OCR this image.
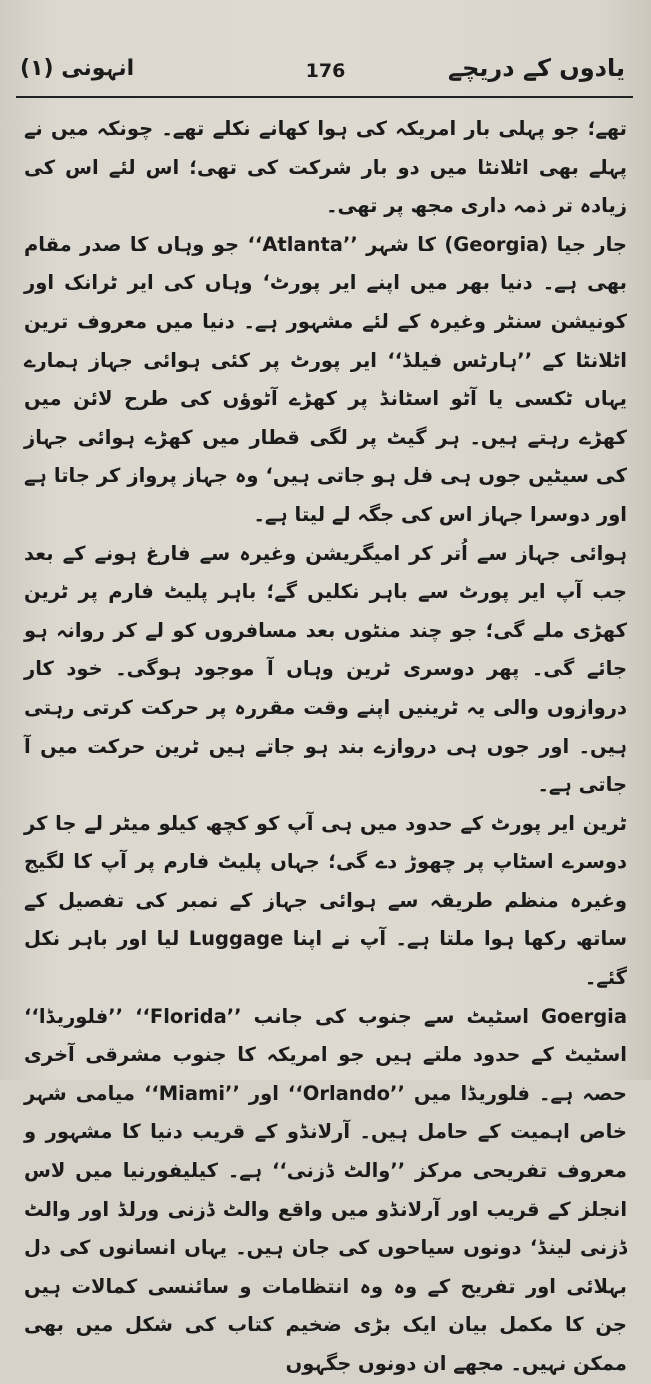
انہونی (۱)	176	یادوں کے دریچے

تھے؛ جو پہلی بار امریکہ کی ہوا کھانے نکلے تھے۔ چونکہ میں نے پہلے بھی اٹلانٹا میں دو بار شرکت کی تھی؛ اس لئے اس کی زیادہ تر ذمہ داری مجھ پر تھی۔

جار جیا (Georgia) کا شہر ’’Atlanta‘‘ جو وہاں کا صدر مقام بھی ہے۔ دنیا بھر میں اپنے ایر پورٹ‘ وہاں کی ایر ٹرانک اور کونیشن سنٹر وغیرہ کے لئے مشہور ہے۔ دنیا میں معروف ترین اٹلانٹا کے ’’ہارٹس فیلڈ‘‘ ایر پورٹ پر کئی ہوائی جہاز ہمارے یہاں ٹکسی یا آٹو اسٹانڈ پر کھڑے آٹوؤں کی طرح لائن میں کھڑے رہتے ہیں۔ ہر گیٹ پر لگی قطار میں کھڑے ہوائی جہاز کی سیٹیں جوں ہی فل ہو جاتی ہیں‘ وہ جہاز پرواز کر جاتا ہے اور دوسرا جہاز اس کی جگہ لے لیتا ہے۔

ہوائی جہاز سے اُتر کر امیگریشن وغیرہ سے فارغ ہونے کے بعد جب آپ ایر پورٹ سے باہر نکلیں گے؛ باہر پلیٹ فارم پر ٹرین کھڑی ملے گی؛ جو چند منٹوں بعد مسافروں کو لے کر روانہ ہو جائے گی۔ پھر دوسری ٹرین وہاں آ موجود ہوگی۔ خود کار دروازوں والی یہ ٹرینیں اپنے وقت مقررہ پر حرکت کرتی رہتی ہیں۔ اور جوں ہی دروازے بند ہو جاتے ہیں ٹرین حرکت میں آ جاتی ہے۔

ٹرین ایر پورٹ کے حدود میں ہی آپ کو کچھ کیلو میٹر لے جا کر دوسرے اسٹاپ پر چھوڑ دے گی؛ جہاں پلیٹ فارم پر آپ کا لگیج وغیرہ منظم طریقہ سے ہوائی جہاز کے نمبر کی تفصیل کے ساتھ رکھا ہوا ملتا ہے۔ آپ نے اپنا Luggage لیا اور باہر نکل گئے۔

Goergia اسٹیٹ سے جنوب کی جانب ’’Florida‘‘ ’’فلوریڈا‘‘ اسٹیٹ کے حدود ملتے ہیں جو امریکہ کا جنوب مشرقی آخری حصہ ہے۔ فلوریڈا میں ’’Orlando‘‘ اور ’’Miami‘‘ میامی شہر خاص اہمیت کے حامل ہیں۔ آرلانڈو کے قریب دنیا کا مشہور و معروف تفریحی مرکز ’’والٹ ڈزنی‘‘ ہے۔ کیلیفورنیا میں لاس انجلز کے قریب اور آرلانڈو میں واقع والٹ ڈزنی ورلڈ اور والٹ ڈزنی لینڈ‘ دونوں سیاحوں کی جان ہیں۔ یہاں انسانوں کی دل بہلائی اور تفریح کے وہ وہ انتظامات و سائنسی کمالات ہیں جن کا مکمل بیان ایک بڑی ضخیم کتاب کی شکل میں بھی ممکن نہیں۔ مجھے ان دونوں جگہوں
